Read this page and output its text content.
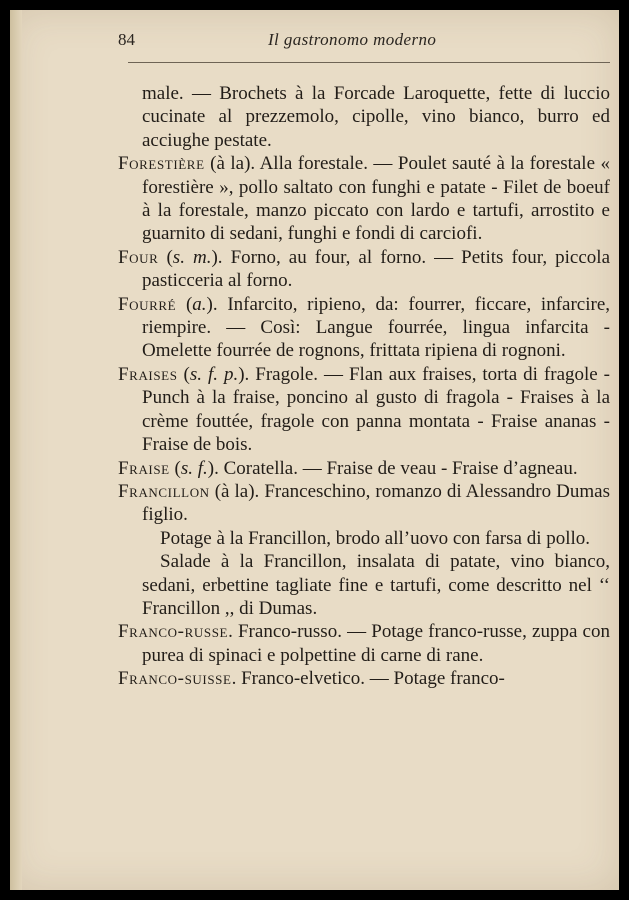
84	Il gastronomo moderno

male. — Brochets à la Forcade Laroquette, fette di luccio cucinate al prezzemolo, cipolle, vino bianco, burro ed acciughe pestate.

Forestière (à la). Alla forestale. — Poulet sauté à la forestale « forestière », pollo saltato con funghi e patate - Filet de boeuf à la forestale, manzo piccato con lardo e tartufi, arrostito e guarnito di sedani, funghi e fondi di carciofi.

Four (s. m.). Forno, au four, al forno. — Petits four, piccola pasticceria al forno.

Fourré (a.). Infarcito, ripieno, da: fourrer, ficcare, infarcire, riempire. — Così: Langue fourrée, lingua infarcita - Omelette fourrée de rognons, frittata ripiena di rognoni.

Fraises (s. f. p.). Fragole. — Flan aux fraises, torta di fragole - Punch à la fraise, poncino al gusto di fragola - Fraises à la crème fouttée, fragole con panna montata - Fraise ananas - Fraise de bois.

Fraise (s. f.). Coratella. — Fraise de veau - Fraise d’agneau.

Francillon (à la). Franceschino, romanzo di Alessandro Dumas figlio.

Potage à la Francillon, brodo all’uovo con farsa di pollo.

Salade à la Francillon, insalata di patate, vino bianco, sedani, erbettine tagliate fine e tartufi, come descritto nel ‘‘ Francillon ,, di Dumas.

Franco-russe. Franco-russo. — Potage franco-russe, zuppa con purea di spinaci e polpettine di carne di rane.

Franco-suisse. Franco-elvetico. — Potage franco-
